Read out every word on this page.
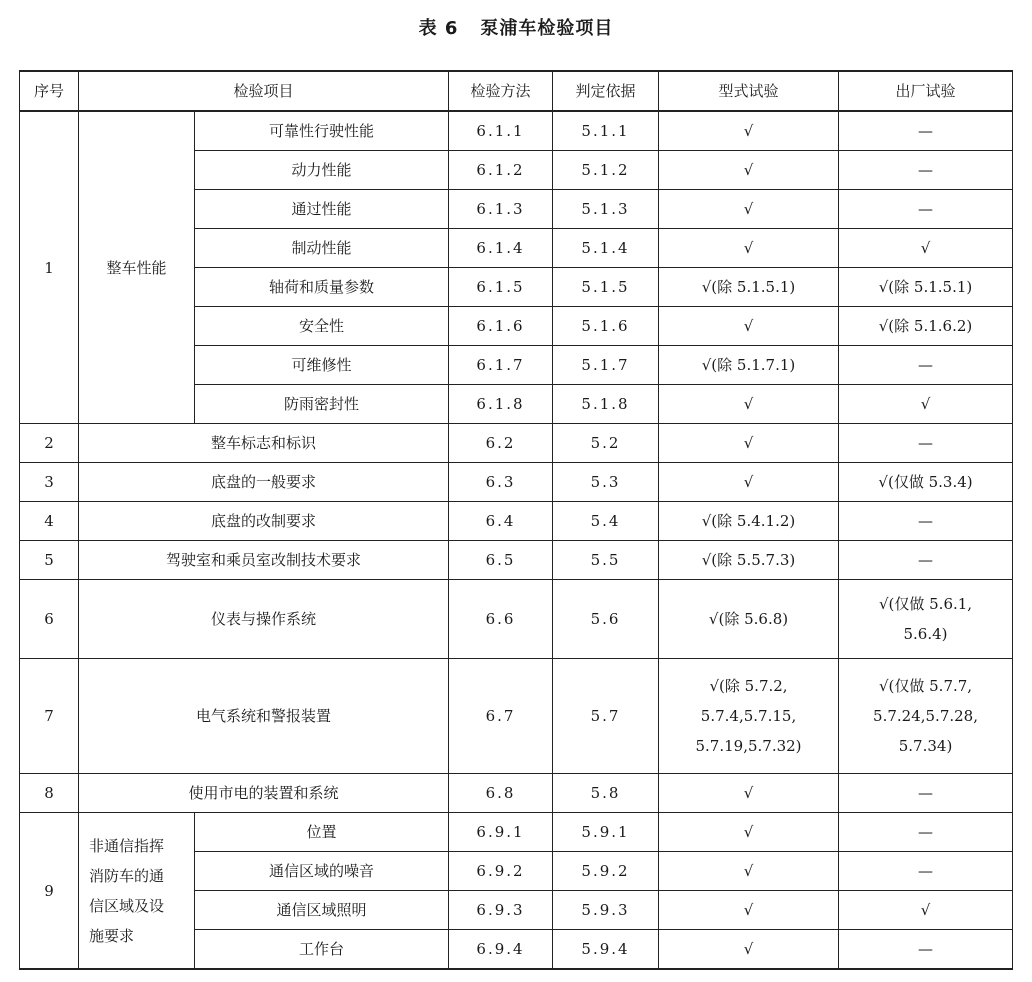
表 6 泵浦车检验项目
序号	检验项目		检验方法	判定依据	型式试验	出厂试验
1	整车性能	可靠性行驶性能	6.1.1	5.1.1	√	—
		动力性能	6.1.2	5.1.2	√	—
		通过性能	6.1.3	5.1.3	√	—
		制动性能	6.1.4	5.1.4	√	√
		轴荷和质量参数	6.1.5	5.1.5	√(除 5.1.5.1)	√(除 5.1.5.1)
		安全性	6.1.6	5.1.6	√	√(除 5.1.6.2)
		可维修性	6.1.7	5.1.7	√(除 5.1.7.1)	—
		防雨密封性	6.1.8	5.1.8	√	√
2	整车标志和标识		6.2	5.2	√	—
3	底盘的一般要求		6.3	5.3	√	√(仅做 5.3.4)
4	底盘的改制要求		6.4	5.4	√(除 5.4.1.2)	—
5	驾驶室和乘员室改制技术要求		6.5	5.5	√(除 5.5.7.3)	—
6	仪表与操作系统		6.6	5.6	√(除 5.6.8)	√(仅做 5.6.1,
5.6.4)
7	电气系统和警报装置		6.7	5.7	√(除 5.7.2,
5.7.4,5.7.15,
5.7.19,5.7.32)	√(仅做 5.7.7,
5.7.24,5.7.28,
5.7.34)
8	使用市电的装置和系统		6.8	5.8	√	—
9	非通信指挥
消防车的通
信区域及设
施要求	位置	6.9.1	5.9.1	√	—
		通信区域的噪音	6.9.2	5.9.2	√	—
		通信区域照明	6.9.3	5.9.3	√	√
		工作台	6.9.4	5.9.4	√	—
